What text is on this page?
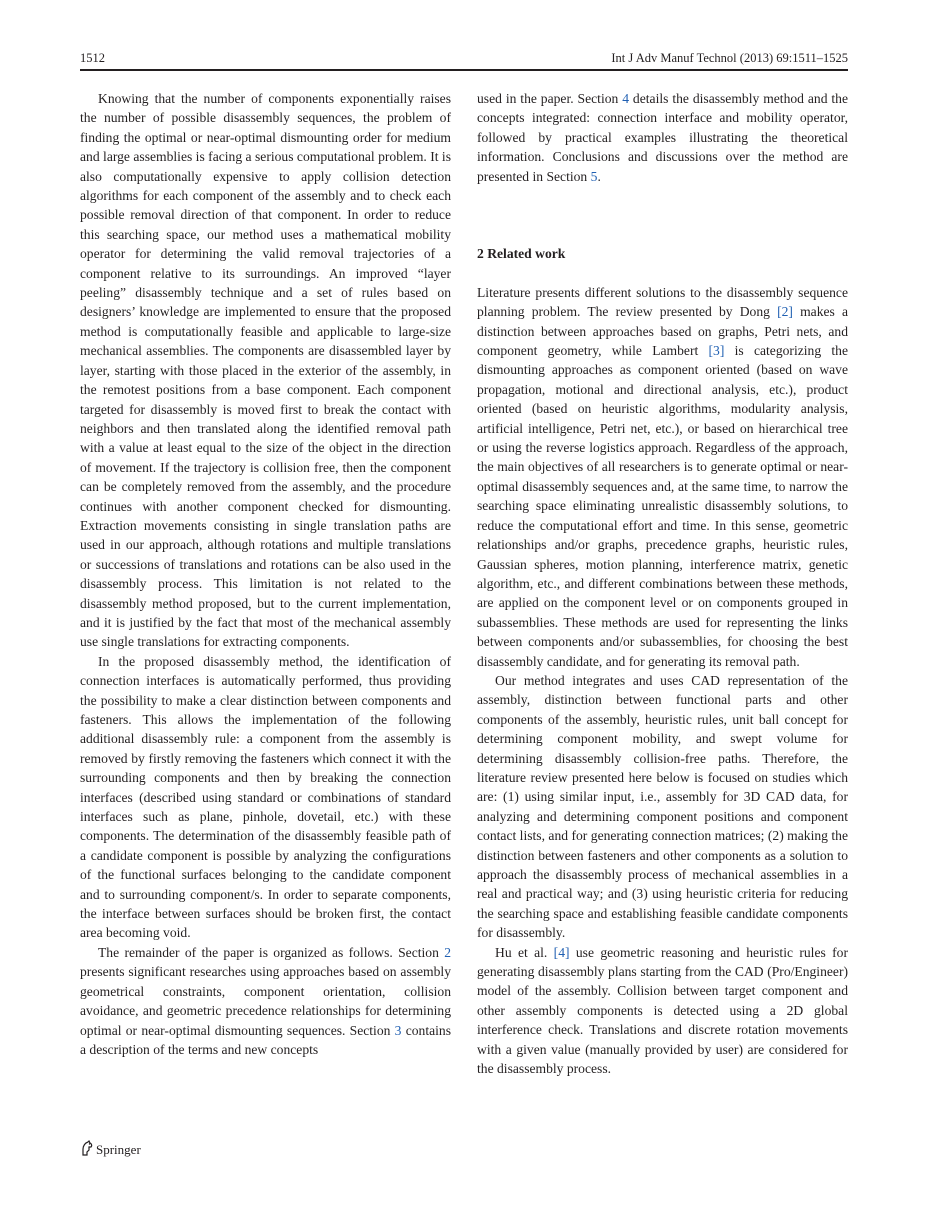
1512	Int J Adv Manuf Technol (2013) 69:1511–1525

Knowing that the number of components exponentially raises the number of possible disassembly sequences, the problem of finding the optimal or near-optimal dismounting order for medium and large assemblies is facing a serious computational problem. It is also computationally expensive to apply collision detection algorithms for each component of the assembly and to check each possible removal direction of that component. In order to reduce this searching space, our method uses a mathematical mobility operator for determining the valid removal trajectories of a component relative to its surroundings. An improved “layer peeling” disassembly technique and a set of rules based on designers’ knowledge are implemented to ensure that the proposed method is computationally feasible and applicable to large-size mechanical assemblies. The components are disassembled layer by layer, starting with those placed in the exterior of the assembly, in the remotest positions from a base component. Each component targeted for disassembly is moved first to break the contact with neighbors and then translated along the identified removal path with a value at least equal to the size of the object in the direction of movement. If the trajectory is collision free, then the component can be completely removed from the assembly, and the procedure continues with another component checked for dismounting. Extraction movements consisting in single translation paths are used in our approach, although rotations and multiple translations or successions of translations and rotations can be also used in the disassembly process. This limitation is not related to the disassembly method proposed, but to the current implementation, and it is justified by the fact that most of the mechanical assembly use single translations for extracting components.

In the proposed disassembly method, the identification of connection interfaces is automatically performed, thus providing the possibility to make a clear distinction between components and fasteners. This allows the implementation of the following additional disassembly rule: a component from the assembly is removed by firstly removing the fasteners which connect it with the surrounding components and then by breaking the connection interfaces (described using standard or combinations of standard interfaces such as plane, pinhole, dovetail, etc.) with these components. The determination of the disassembly feasible path of a candidate component is possible by analyzing the configurations of the functional surfaces belonging to the candidate component and to surrounding component/s. In order to separate components, the interface between surfaces should be broken first, the contact area becoming void.

The remainder of the paper is organized as follows. Section 2 presents significant researches using approaches based on assembly geometrical constraints, component orientation, collision avoidance, and geometric precedence relationships for determining optimal or near-optimal dismounting sequences. Section 3 contains a description of the terms and new concepts

used in the paper. Section 4 details the disassembly method and the concepts integrated: connection interface and mobility operator, followed by practical examples illustrating the theoretical information. Conclusions and discussions over the method are presented in Section 5.

2 Related work

Literature presents different solutions to the disassembly sequence planning problem. The review presented by Dong [2] makes a distinction between approaches based on graphs, Petri nets, and component geometry, while Lambert [3] is categorizing the dismounting approaches as component oriented (based on wave propagation, motional and directional analysis, etc.), product oriented (based on heuristic algorithms, modularity analysis, artificial intelligence, Petri net, etc.), or based on hierarchical tree or using the reverse logistics approach. Regardless of the approach, the main objectives of all researchers is to generate optimal or near-optimal disassembly sequences and, at the same time, to narrow the searching space eliminating unrealistic disassembly solutions, to reduce the computational effort and time. In this sense, geometric relationships and/or graphs, precedence graphs, heuristic rules, Gaussian spheres, motion planning, interference matrix, genetic algorithm, etc., and different combinations between these methods, are applied on the component level or on components grouped in subassemblies. These methods are used for representing the links between components and/or subassemblies, for choosing the best disassembly candidate, and for generating its removal path.

Our method integrates and uses CAD representation of the assembly, distinction between functional parts and other components of the assembly, heuristic rules, unit ball concept for determining component mobility, and swept volume for determining disassembly collision-free paths. Therefore, the literature review presented here below is focused on studies which are: (1) using similar input, i.e., assembly for 3D CAD data, for analyzing and determining component positions and component contact lists, and for generating connection matrices; (2) making the distinction between fasteners and other components as a solution to approach the disassembly process of mechanical assemblies in a real and practical way; and (3) using heuristic criteria for reducing the searching space and establishing feasible candidate components for disassembly.

Hu et al. [4] use geometric reasoning and heuristic rules for generating disassembly plans starting from the CAD (Pro/Engineer) model of the assembly. Collision between target component and other assembly components is detected using a 2D global interference check. Translations and discrete rotation movements with a given value (manually provided by user) are considered for the disassembly process.

Springer
